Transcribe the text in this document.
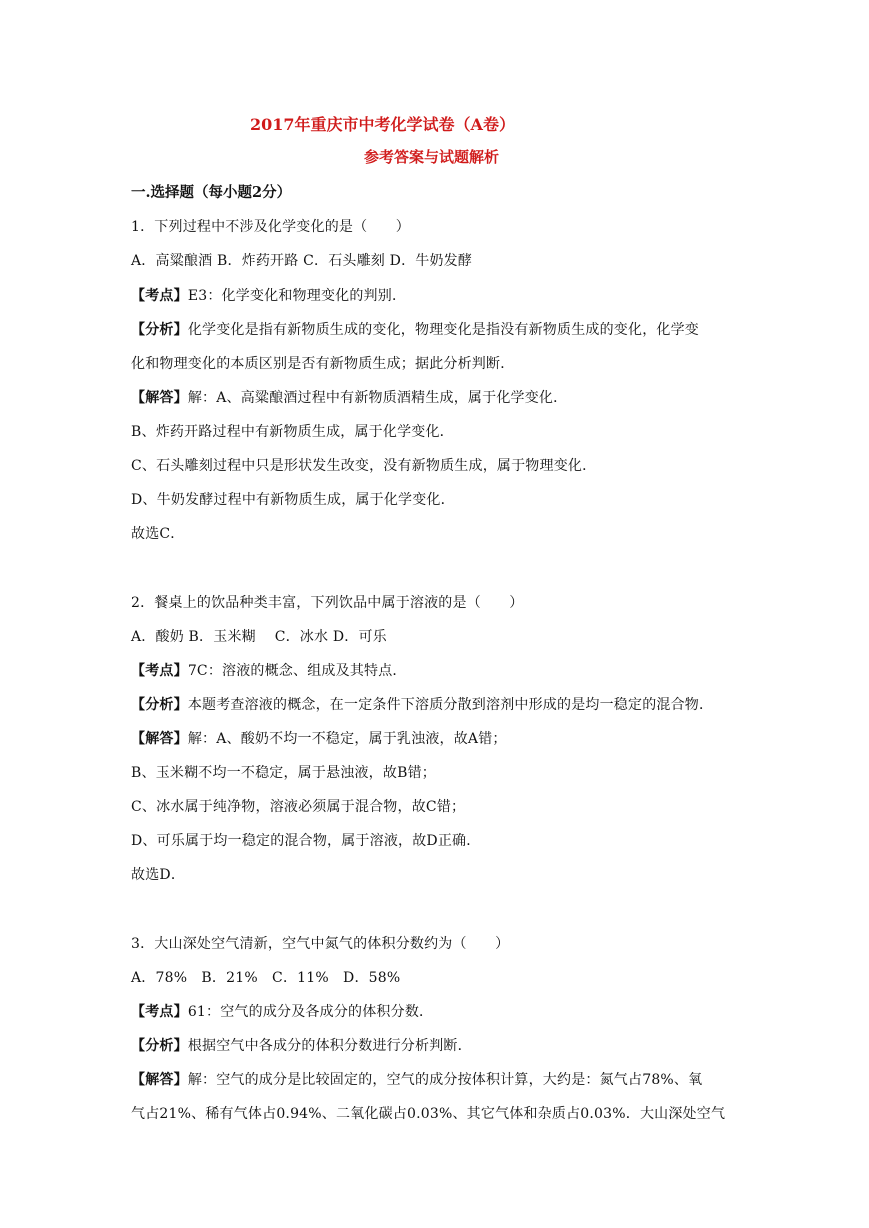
2017年重庆市中考化学试卷（A卷）
参考答案与试题解析
一.选择题（每小题2分）
1．下列过程中不涉及化学变化的是（　　）
A．高粱酿酒 B．炸药开路 C．石头雕刻 D．牛奶发酵
【考点】E3：化学变化和物理变化的判别．
【分析】化学变化是指有新物质生成的变化，物理变化是指没有新物质生成的变化，化学变
化和物理变化的本质区别是否有新物质生成；据此分析判断．
【解答】解：A、高粱酿酒过程中有新物质酒精生成，属于化学变化．
B、炸药开路过程中有新物质生成，属于化学变化．
C、石头雕刻过程中只是形状发生改变，没有新物质生成，属于物理变化．
D、牛奶发酵过程中有新物质生成，属于化学变化．
故选C．
2．餐桌上的饮品种类丰富，下列饮品中属于溶液的是（　　）
A．酸奶 B．玉米糊　 C．冰水 D．可乐
【考点】7C：溶液的概念、组成及其特点．
【分析】本题考查溶液的概念，在一定条件下溶质分散到溶剂中形成的是均一稳定的混合物．
【解答】解：A、酸奶不均一不稳定，属于乳浊液，故A错；
B、玉米糊不均一不稳定，属于悬浊液，故B错；
C、冰水属于纯净物，溶液必须属于混合物，故C错；
D、可乐属于均一稳定的混合物，属于溶液，故D正确．
故选D．
3．大山深处空气清新，空气中氮气的体积分数约为（　　）
A．78%　B．21%　C．11%　D．58%
【考点】61：空气的成分及各成分的体积分数．
【分析】根据空气中各成分的体积分数进行分析判断．
【解答】解：空气的成分是比较固定的，空气的成分按体积计算，大约是：氮气占78%、氧
气占21%、稀有气体占0.94%、二氧化碳占0.03%、其它气体和杂质占0.03%．大山深处空气
